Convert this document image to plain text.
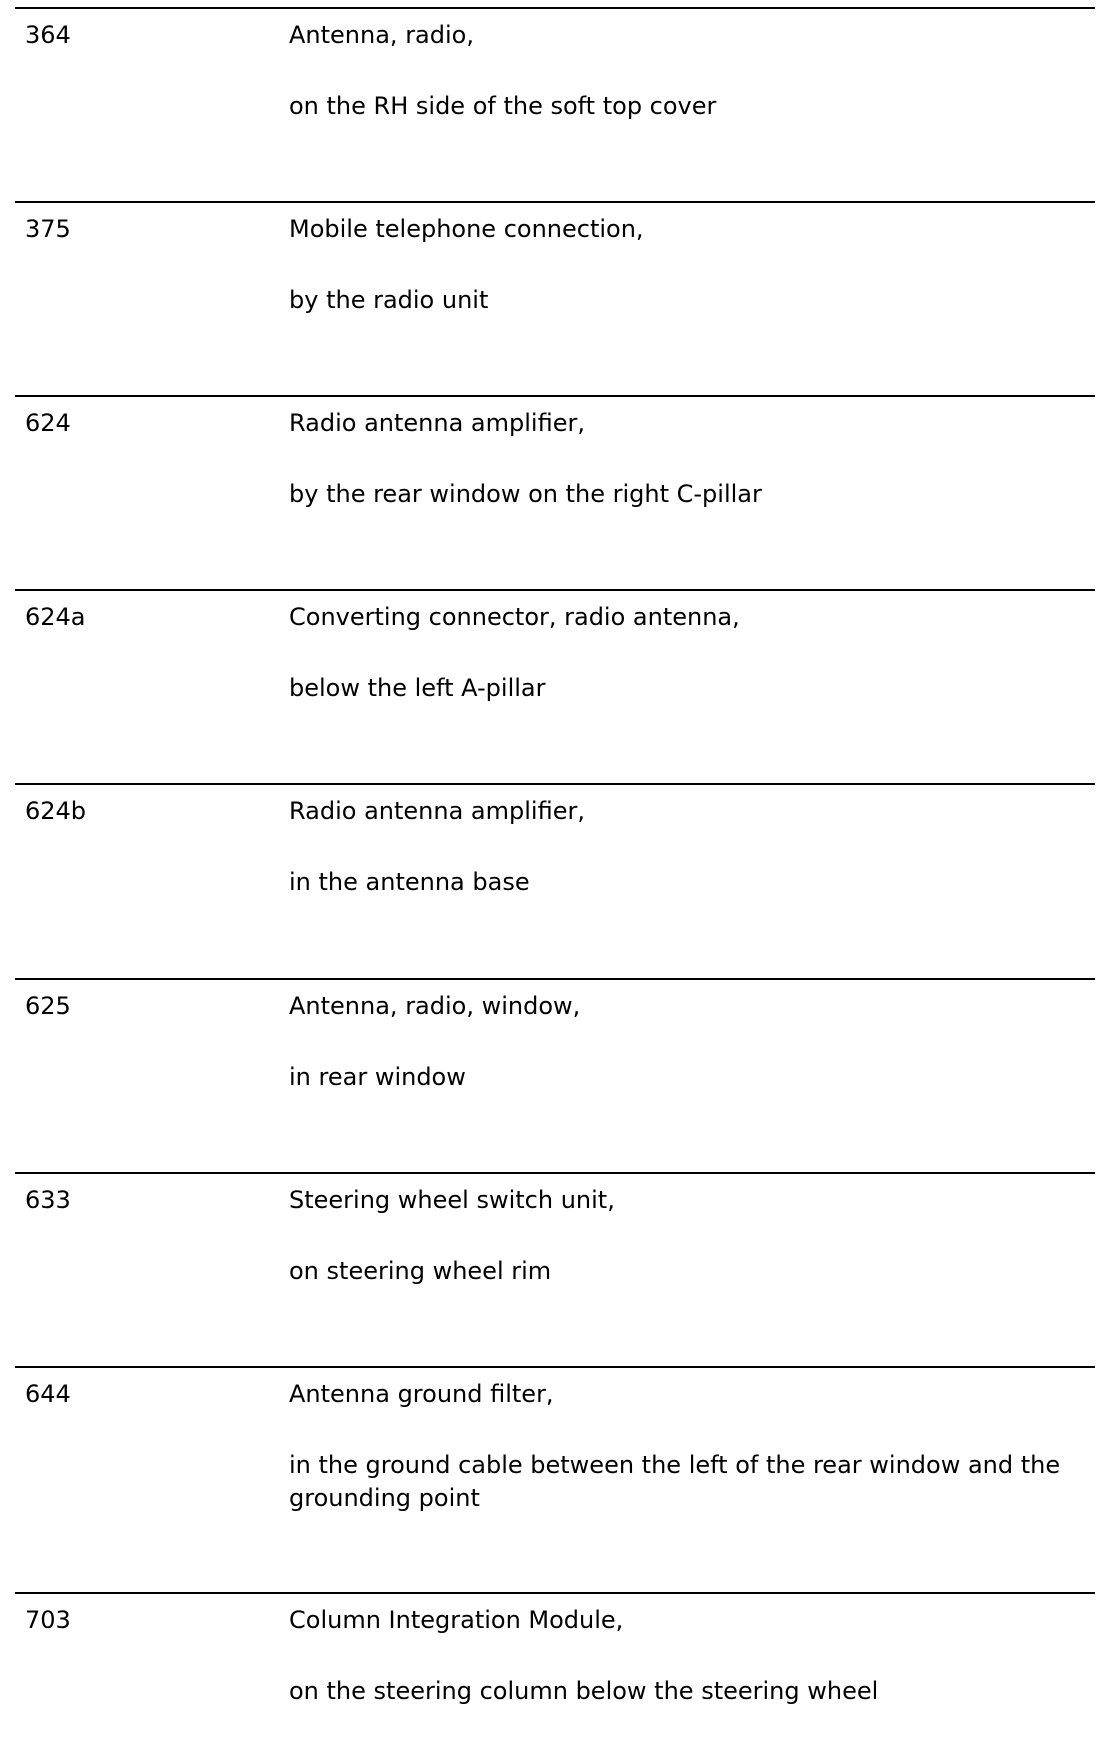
364	Antenna, radio,
on the RH side of the soft top cover
375	Mobile telephone connection,
by the radio unit
624	Radio antenna amplifier,
by the rear window on the right C-pillar
624a	Converting connector, radio antenna,
below the left A-pillar
624b	Radio antenna amplifier,
in the antenna base
625	Antenna, radio, window,
in rear window
633	Steering wheel switch unit,
on steering wheel rim
644	Antenna ground filter,
in the ground cable between the left of the rear window and the grounding point
703	Column Integration Module,
on the steering column below the steering wheel
